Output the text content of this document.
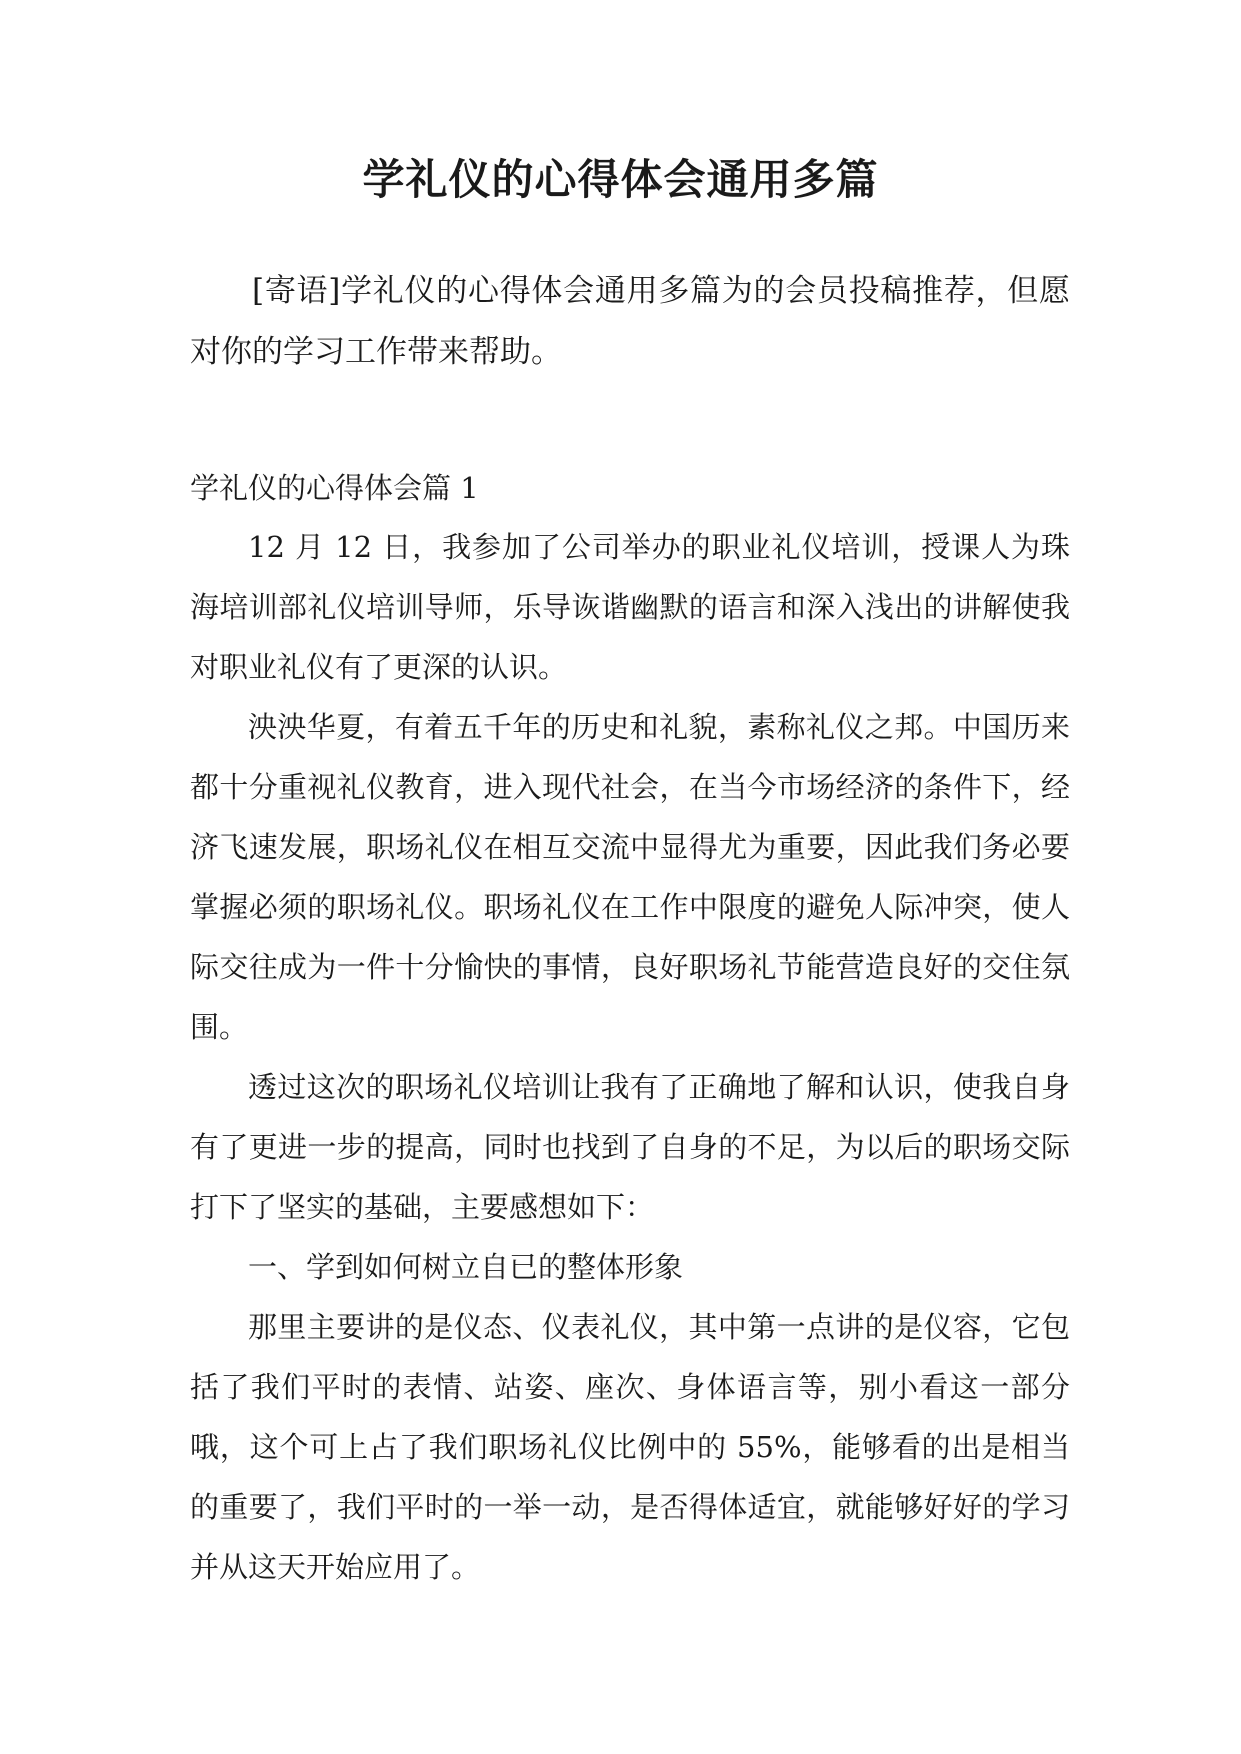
学礼仪的心得体会通用多篇

[寄语]学礼仪的心得体会通用多篇为的会员投稿推荐，但愿对你的学习工作带来帮助。

学礼仪的心得体会篇 1

12 月 12 日，我参加了公司举办的职业礼仪培训，授课人为珠海培训部礼仪培训导师，乐导诙谐幽默的语言和深入浅出的讲解使我对职业礼仪有了更深的认识。

泱泱华夏，有着五千年的历史和礼貌，素称礼仪之邦。中国历来都十分重视礼仪教育，进入现代社会，在当今市场经济的条件下，经济飞速发展，职场礼仪在相互交流中显得尤为重要，因此我们务必要掌握必须的职场礼仪。职场礼仪在工作中限度的避免人际冲突，使人际交往成为一件十分愉快的事情，良好职场礼节能营造良好的交住氛围。

透过这次的职场礼仪培训让我有了正确地了解和认识，使我自身有了更进一步的提高，同时也找到了自身的不足，为以后的职场交际打下了坚实的基础，主要感想如下：

一、学到如何树立自已的整体形象

那里主要讲的是仪态、仪表礼仪，其中第一点讲的是仪容，它包括了我们平时的表情、站姿、座次、身体语言等，别小看这一部分哦，这个可上占了我们职场礼仪比例中的 55%，能够看的出是相当的重要了，我们平时的一举一动，是否得体适宜，就能够好好的学习并从这天开始应用了。
